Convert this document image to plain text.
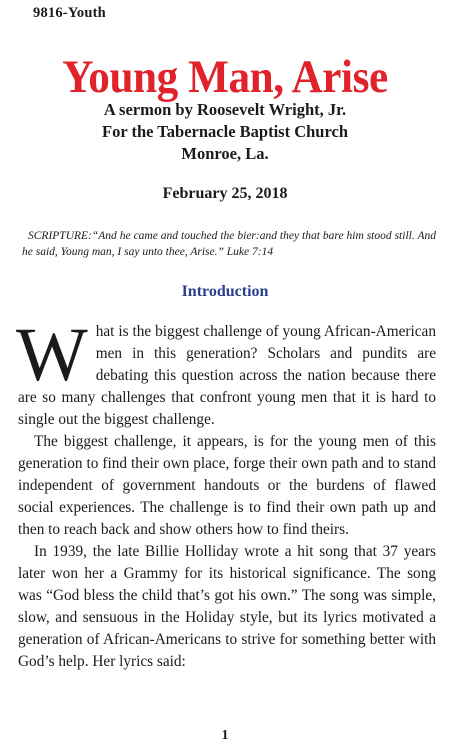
9816-Youth
Young Man, Arise
A sermon by Roosevelt Wright, Jr.
For the Tabernacle Baptist Church
Monroe, La.
February 25, 2018
SCRIPTURE:“And he came and touched the bier:and they that bare him stood still. And he said, Young man, I say unto thee, Arise.” Luke 7:14
Introduction

What is the biggest challenge of young African-American men in this generation? Scholars and pundits are debating this question across the nation because there are so many challenges that confront young men that it is hard to single out the biggest challenge.

The biggest challenge, it appears, is for the young men of this generation to find their own place, forge their own path and to stand independent of government handouts or the burdens of flawed social experiences. The challenge is to find their own path up and then to reach back and show others how to find theirs.

In 1939, the late Billie Holliday wrote a hit song that 37 years later won her a Grammy for its historical significance. The song was “God bless the child that’s got his own.” The song was simple, slow, and sensuous in the Holiday style, but its lyrics motivated a generation of African-Americans to strive for something better with God’s help. Her lyrics said:

1
